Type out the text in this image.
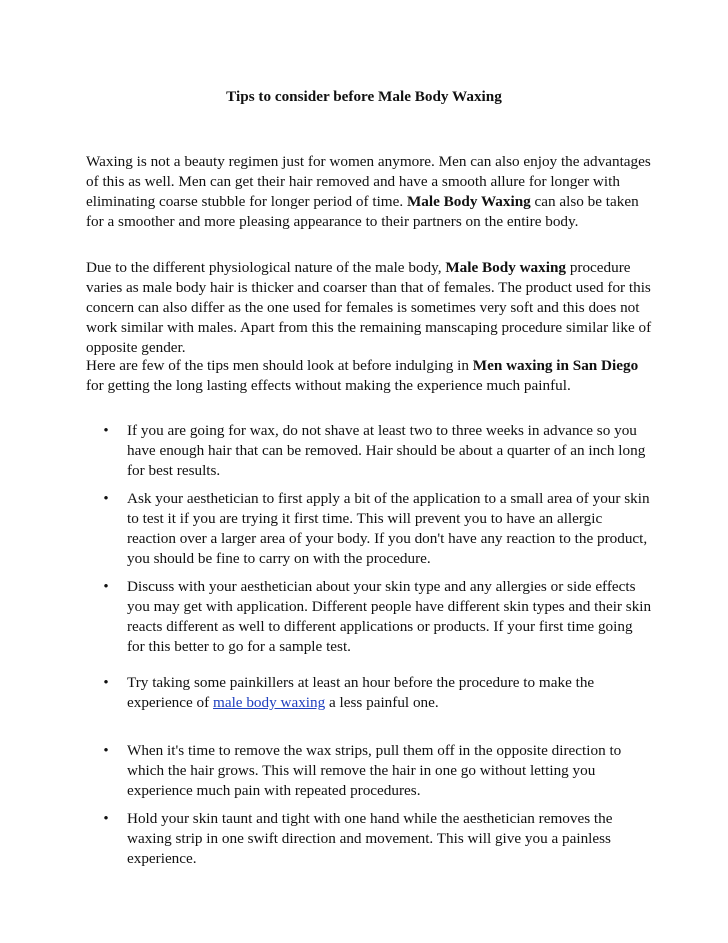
Tips to consider before Male Body Waxing

Waxing is not a beauty regimen just for women anymore. Men can also enjoy the advantages of this as well. Men can get their hair removed and have a smooth allure for longer with eliminating coarse stubble for longer period of time. Male Body Waxing can also be taken for a smoother and more pleasing appearance to their partners on the entire body.

Due to the different physiological nature of the male body, Male Body waxing procedure varies as male body hair is thicker and coarser than that of females. The product used for this concern can also differ as the one used for females is sometimes very soft and this does not work similar with males. Apart from this the remaining manscaping procedure similar like of opposite gender.

Here are few of the tips men should look at before indulging in Men waxing in San Diego for getting the long lasting effects without making the experience much painful.

• If you are going for wax, do not shave at least two to three weeks in advance so you have enough hair that can be removed. Hair should be about a quarter of an inch long for best results.
• Ask your aesthetician to first apply a bit of the application to a small area of your skin to test it if you are trying it first time. This will prevent you to have an allergic reaction over a larger area of your body. If you don't have any reaction to the product, you should be fine to carry on with the procedure.
• Discuss with your aesthetician about your skin type and any allergies or side effects you may get with application. Different people have different skin types and their skin reacts different as well to different applications or products. If your first time going for this better to go for a sample test.
• Try taking some painkillers at least an hour before the procedure to make the experience of male body waxing a less painful one.
• When it's time to remove the wax strips, pull them off in the opposite direction to which the hair grows. This will remove the hair in one go without letting you experience much pain with repeated procedures.
• Hold your skin taunt and tight with one hand while the aesthetician removes the waxing strip in one swift direction and movement. This will give you a painless experience.
